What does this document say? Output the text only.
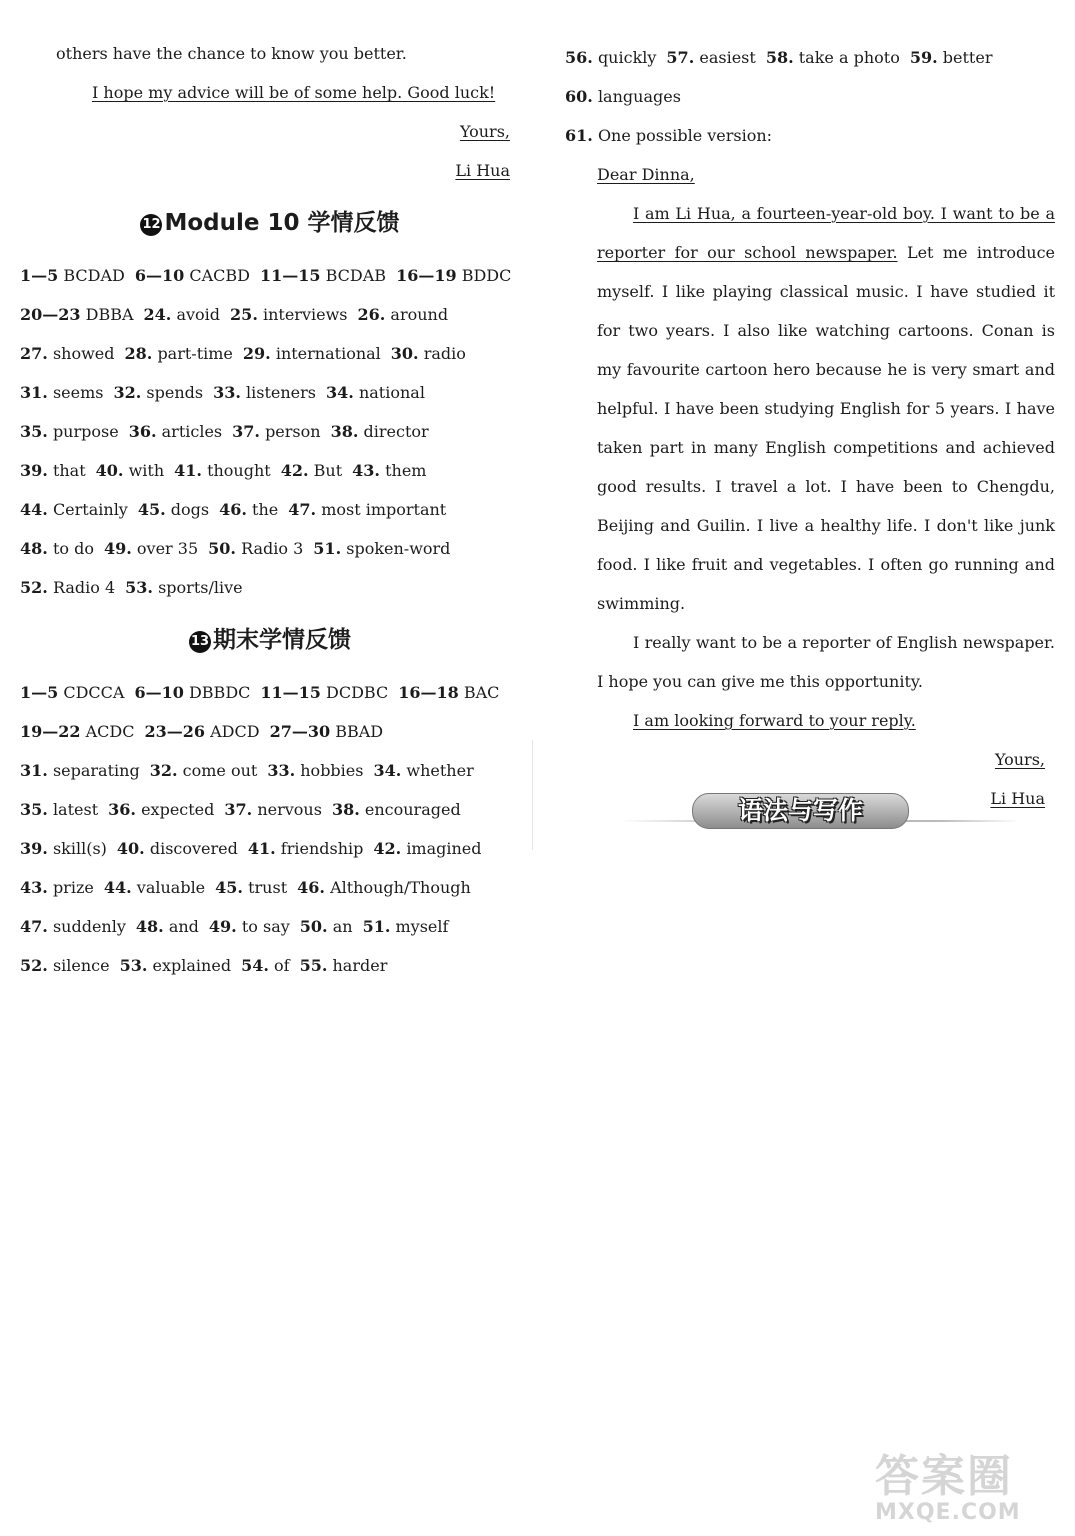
others have the chance to know you better.
I hope my advice will be of some help. Good luck!
Yours,
Li Hua
12 Module 10 学情反馈
1—5 BCDAD 6—10 CACBD 11—15 BCDAB 16—19 BDDC
20—23 DBBA 24. avoid 25. interviews 26. around
27. showed 28. part-time 29. international 30. radio
31. seems 32. spends 33. listeners 34. national
35. purpose 36. articles 37. person 38. director
39. that 40. with 41. thought 42. But 43. them
44. Certainly 45. dogs 46. the 47. most important
48. to do 49. over 35 50. Radio 3 51. spoken-word
52. Radio 4 53. sports/live
13 期末学情反馈
1—5 CDCCA 6—10 DBBDC 11—15 DCDBC 16—18 BAC
19—22 ACDC 23—26 ADCD 27—30 BBAD
31. separating 32. come out 33. hobbies 34. whether
35. latest 36. expected 37. nervous 38. encouraged
39. skill(s) 40. discovered 41. friendship 42. imagined
43. prize 44. valuable 45. trust 46. Although/Though
47. suddenly 48. and 49. to say 50. an 51. myself
52. silence 53. explained 54. of 55. harder
56. quickly 57. easiest 58. take a photo 59. better
60. languages
61. One possible version:
Dear Dinna,
I am Li Hua, a fourteen-year-old boy. I want to be a reporter for our school newspaper. Let me introduce myself. I like playing classical music. I have studied it for two years. I also like watching cartoons. Conan is my favourite cartoon hero because he is very smart and helpful. I have been studying English for 5 years. I have taken part in many English competitions and achieved good results. I travel a lot. I have been to Chengdu, Beijing and Guilin. I live a healthy life. I don't like junk food. I like fruit and vegetables. I often go running and swimming.
I really want to be a reporter of English newspaper. I hope you can give me this opportunity.
I am looking forward to your reply.
Yours,
Li Hua
语法与写作
答案圈
MXQE.COM
